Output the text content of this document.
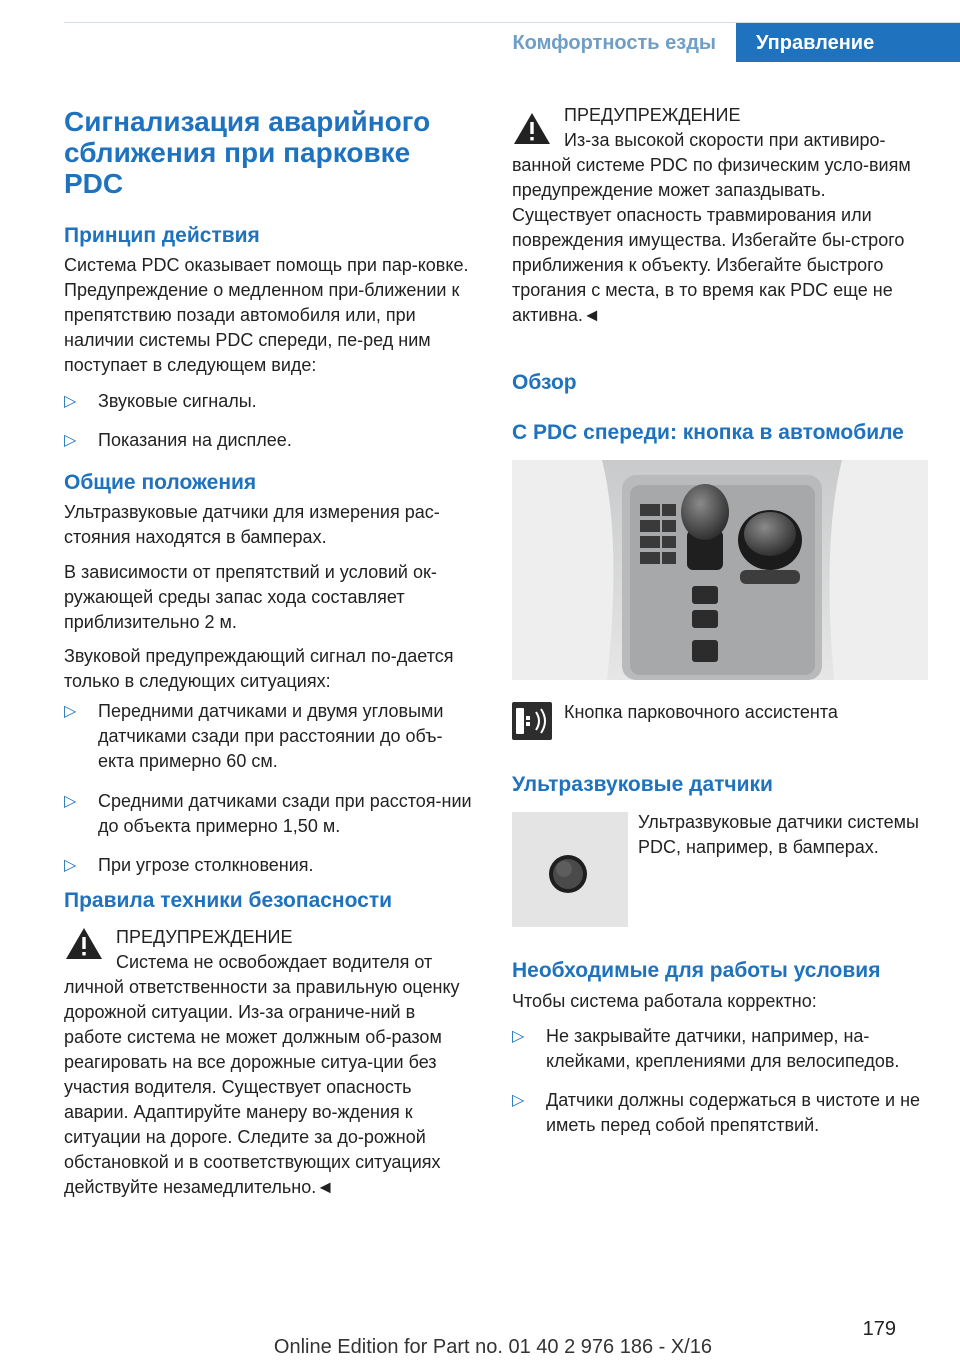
Комфортность езды	Управление
Сигнализация аварийного сближения при парковке PDC
Принцип действия
Система PDC оказывает помощь при пар-ковке. Предупреждение о медленном при-ближении к препятствию позади автомобиля или, при наличии системы PDC спереди, пе-ред ним поступает в следующем виде:
▷ Звуковые сигналы.
▷ Показания на дисплее.
Общие положения
Ультразвуковые датчики для измерения рас-стояния находятся в бамперах.
В зависимости от препятствий и условий ок-ружающей среды запас хода составляет приблизительно 2 м.
Звуковой предупреждающий сигнал по-дается только в следующих ситуациях:
▷ Передними датчиками и двумя угловыми датчиками сзади при расстоянии до объ-екта примерно 60 см.
▷ Средними датчиками сзади при расстоя-нии до объекта примерно 1,50 м.
▷ При угрозе столкновения.
Правила техники безопасности
ПРЕДУПРЕЖДЕНИЕ
Система не освобождает водителя от
личной ответственности за правильную оценку дорожной ситуации. Из-за ограниче-ний в работе система не может должным об-разом реагировать на все дорожные ситуа-ции без участия водителя. Существует опасность аварии. Адаптируйте манеру во-ждения к ситуации на дороге. Следите за до-рожной обстановкой и в соответствующих ситуациях действуйте незамедлительно.◄
ПРЕДУПРЕЖДЕНИЕ
Из-за высокой скорости при активиро-
ванной системе PDC по физическим усло-виям предупреждение может запаздывать. Существует опасность травмирования или повреждения имущества. Избегайте бы-строго приближения к объекту. Избегайте быстрого трогания с места, в то время как PDC еще не активна.◄
Обзор
С PDC спереди: кнопка в автомобиле
Кнопка парковочного ассистента
Ультразвуковые датчики
Ультразвуковые датчики системы PDC, например, в бамперах.
Необходимые для работы условия
Чтобы система работала корректно:
▷ Не закрывайте датчики, например, на-клейками, креплениями для велосипедов.
▷ Датчики должны содержаться в чистоте и не иметь перед собой препятствий.
179
Online Edition for Part no. 01 40 2 976 186 - X/16
